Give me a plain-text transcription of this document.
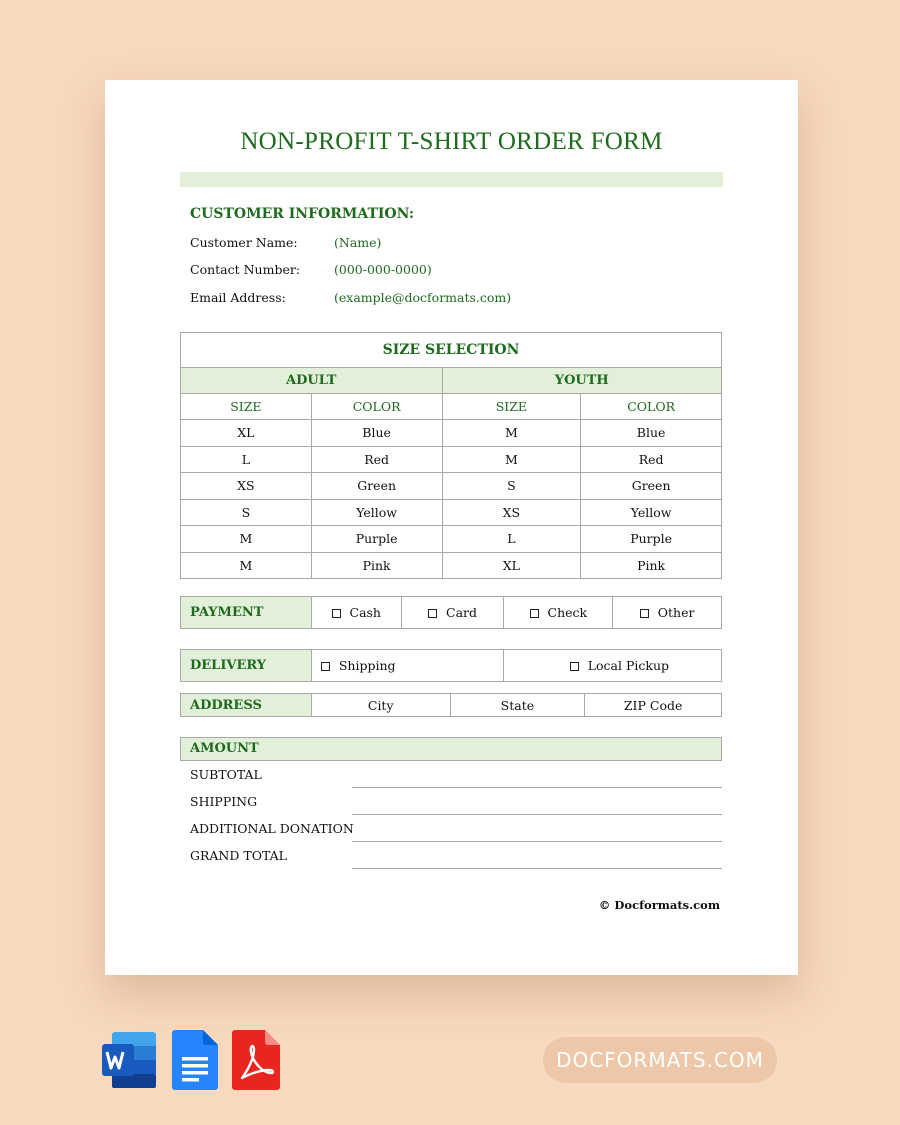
NON-PROFIT T-SHIRT ORDER FORM
CUSTOMER INFORMATION:
Customer Name:	(Name)
Contact Number:	(000-000-0000)
Email Address:	(example@docformats.com)
SIZE SELECTION			
ADULT		YOUTH	
SIZE	COLOR	SIZE	COLOR
XL	Blue	M	Blue
L	Red	M	Red
XS	Green	S	Green
S	Yellow	XS	Yellow
M	Purple	L	Purple
M	Pink	XL	Pink
PAYMENT	Cash	Card	Check	Other
DELIVERY	Shipping	Local Pickup
ADDRESS	City	State	ZIP Code
AMOUNT
SUBTOTAL
SHIPPING
ADDITIONAL DONATION
GRAND TOTAL
© Docformats.com
DOCFORMATS.COM
